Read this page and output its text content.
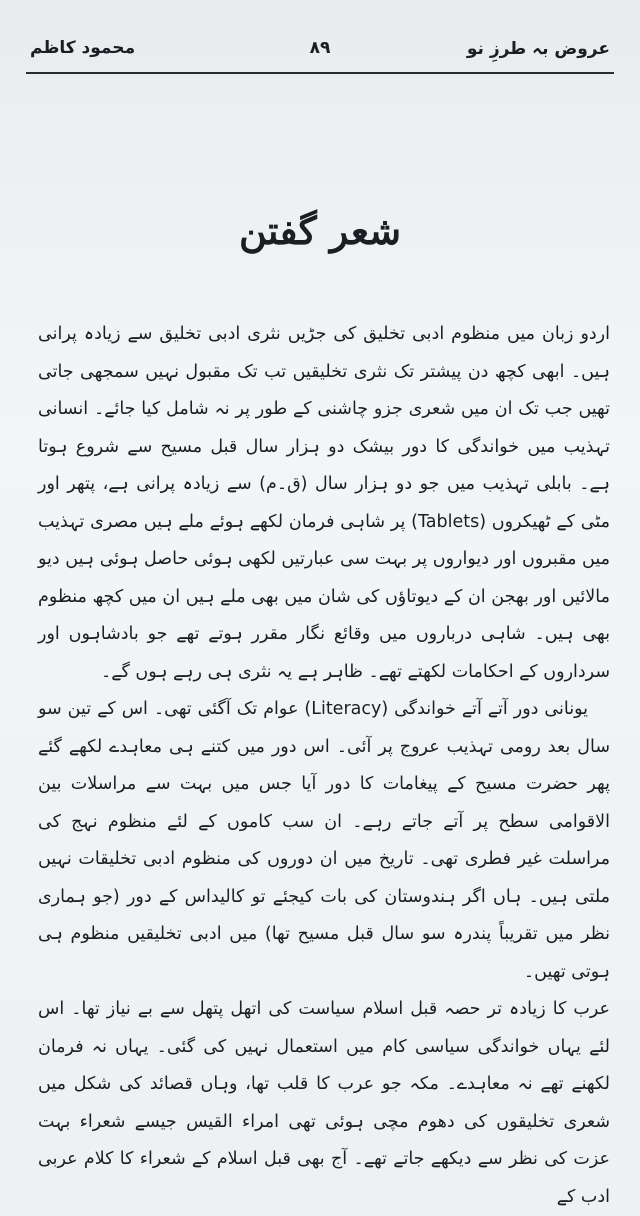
عروض بہ طرزِ نو
۸۹
محمود کاظم
شعر گفتن

اردو زبان میں منظوم ادبی تخلیق کی جڑیں نثری ادبی تخلیق سے زیادہ پرانی ہیں۔ ابھی کچھ دن پیشتر تک نثری تخلیقیں تب تک مقبول نہیں سمجھی جاتی تھیں جب تک ان میں شعری جزو چاشنی کے طور پر نہ شامل کیا جائے۔ انسانی تہذیب میں خواندگی کا دور بیشک دو ہزار سال قبل مسیح سے شروع ہوتا ہے۔ بابلی تہذیب میں جو دو ہزار سال (ق۔م) سے زیادہ پرانی ہے، پتھر اور مٹی کے ٹھیکروں (Tablets) پر شاہی فرمان لکھے ہوئے ملے ہیں مصری تہذیب میں مقبروں اور دیواروں پر بہت سی عبارتیں لکھی ہوئی حاصل ہوئی ہیں دیو مالائیں اور بھجن ان کے دیوتاؤں کی شان میں بھی ملے ہیں ان میں کچھ منظوم بھی ہیں۔ شاہی درباروں میں وقائع نگار مقرر ہوتے تھے جو بادشاہوں اور سرداروں کے احکامات لکھتے تھے۔ ظاہر ہے یہ نثری ہی رہے ہوں گے۔

یونانی دور آتے آتے خواندگی (Literacy) عوام تک آگئی تھی۔ اس کے تین سو سال بعد رومی تہذیب عروج پر آئی۔ اس دور میں کتنے ہی معاہدے لکھے گئے پھر حضرت مسیح کے پیغامات کا دور آیا جس میں بہت سے مراسلات بین الاقوامی سطح پر آتے جاتے رہے۔ ان سب کاموں کے لئے منظوم نہج کی مراسلت غیر فطری تھی۔ تاریخ میں ان دوروں کی منظوم ادبی تخلیقات نہیں ملتی ہیں۔ ہاں اگر ہندوستان کی بات کیجئے تو کالیداس کے دور (جو ہماری نظر میں تقریباً پندرہ سو سال قبل مسیح تھا) میں ادبی تخلیقیں منظوم ہی ہوتی تھیں۔

عرب کا زیادہ تر حصہ قبل اسلام سیاست کی اتھل پتھل سے بے نیاز تھا۔ اس لئے یہاں خواندگی سیاسی کام میں استعمال نہیں کی گئی۔ یہاں نہ فرمان لکھنے تھے نہ معاہدے۔ مکہ جو عرب کا قلب تھا، وہاں قصائد کی شکل میں شعری تخلیقوں کی دھوم مچی ہوئی تھی امراء القیس جیسے شعراء بہت عزت کی نظر سے دیکھے جاتے تھے۔ آج بھی قبل اسلام کے شعراء کا کلام عربی ادب کے
